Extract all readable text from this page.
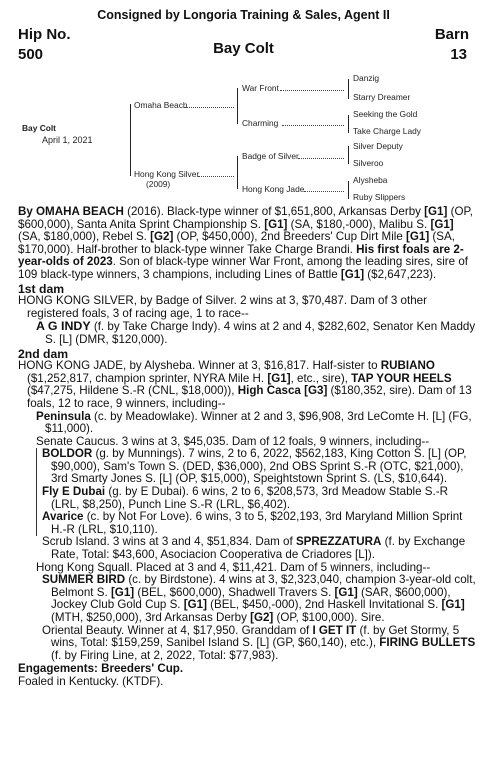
Consigned by Longoria Training & Sales, Agent II
Hip No.
500
Barn
13
Bay Colt
Bay Colt
April 1, 2021
Omaha Beach
Hong Kong Silver
(2009)
War Front
Charming
Badge of Silver
Hong Kong Jade
Danzig
Starry Dreamer
Seeking the Gold
Take Charge Lady
Silver Deputy
Silveroo
Alysheba
Ruby Slippers

By OMAHA BEACH (2016). Black-type winner of $1,651,800, Arkansas Derby [G1] (OP, $600,000), Santa Anita Sprint Championship S. [G1] (SA, $180,-000), Malibu S. [G1] (SA, $180,000), Rebel S. [G2] (OP, $450,000), 2nd Breeders' Cup Dirt Mile [G1] (SA, $170,000). Half-brother to black-type winner Take Charge Brandi. His first foals are 2-year-olds of 2023. Son of black-type winner War Front, among the leading sires, sire of 109 black-type winners, 3 champions, including Lines of Battle [G1] ($2,647,223).

1st dam

HONG KONG SILVER, by Badge of Silver. 2 wins at 3, $70,487. Dam of 3 other registered foals, 3 of racing age, 1 to race--

A G INDY (f. by Take Charge Indy). 4 wins at 2 and 4, $282,602, Senator Ken Maddy S. [L] (DMR, $120,000).

2nd dam

HONG KONG JADE, by Alysheba. Winner at 3, $16,817. Half-sister to RUBIANO ($1,252,817, champion sprinter, NYRA Mile H. [G1], etc., sire), TAP YOUR HEELS ($47,275, Hildene S.-R (CNL, $18,000)), High Casca [G3] ($180,352, sire). Dam of 13 foals, 12 to race, 9 winners, including--

Peninsula (c. by Meadowlake). Winner at 2 and 3, $96,908, 3rd LeComte H. [L] (FG, $11,000).

Senate Caucus. 3 wins at 3, $45,035. Dam of 12 foals, 9 winners, including--

BOLDOR (g. by Munnings). 7 wins, 2 to 6, 2022, $562,183, King Cotton S. [L] (OP, $90,000), Sam's Town S. (DED, $36,000), 2nd OBS Sprint S.-R (OTC, $21,000), 3rd Smarty Jones S. [L] (OP, $15,000), Speightstown Sprint S. (LS, $10,644).

Fly E Dubai (g. by E Dubai). 6 wins, 2 to 6, $208,573, 3rd Meadow Stable S.-R (LRL, $8,250), Punch Line S.-R (LRL, $6,402).

Avarice (c. by Not For Love). 6 wins, 3 to 5, $202,193, 3rd Maryland Million Sprint H.-R (LRL, $10,110).

Scrub Island. 3 wins at 3 and 4, $51,834. Dam of SPREZZATURA (f. by Exchange Rate, Total: $43,600, Asociacion Cooperativa de Criadores [L]).

Hong Kong Squall. Placed at 3 and 4, $11,421. Dam of 5 winners, including--

SUMMER BIRD (c. by Birdstone). 4 wins at 3, $2,323,040, champion 3-year-old colt, Belmont S. [G1] (BEL, $600,000), Shadwell Travers S. [G1] (SAR, $600,000), Jockey Club Gold Cup S. [G1] (BEL, $450,-000), 2nd Haskell Invitational S. [G1] (MTH, $250,000), 3rd Arkansas Derby [G2] (OP, $100,000). Sire.

Oriental Beauty. Winner at 4, $17,950. Granddam of I GET IT (f. by Get Stormy, 5 wins, Total: $159,259, Sanibel Island S. [L] (GP, $60,140), etc.), FIRING BULLETS (f. by Firing Line, at 2, 2022, Total: $77,983).

Engagements: Breeders' Cup.

Foaled in Kentucky. (KTDF).
